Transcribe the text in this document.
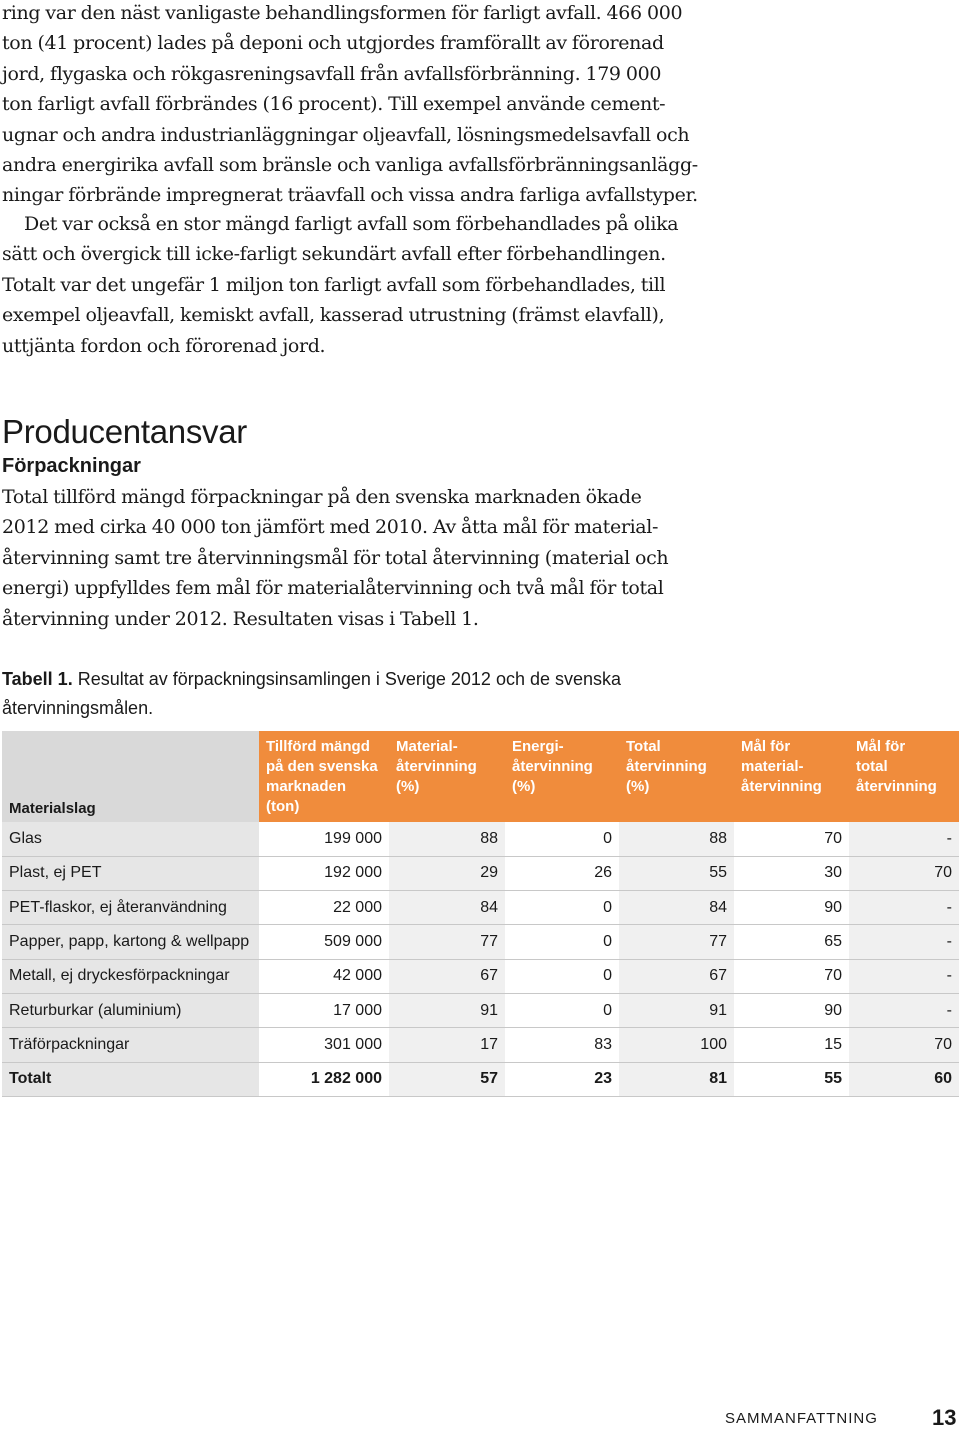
ring var den näst vanligaste behandlingsformen för farligt avfall. 466 000
ton (41 procent) lades på deponi och utgjordes framförallt av förorenad
jord, flygaska och rökgasreningsavfall från avfallsförbränning. 179 000
ton farligt avfall förbrändes (16 procent). Till exempel använde cement-
ugnar och andra industrianläggningar oljeavfall, lösningsmedelsavfall och
andra energirika avfall som bränsle och vanliga avfallsförbränningsanlägg-
ningar förbrände impregnerat träavfall och vissa andra farliga avfallstyper.

Det var också en stor mängd farligt avfall som förbehandlades på olika
sätt och övergick till icke-farligt sekundärt avfall efter förbehandlingen.
Totalt var det ungefär 1 miljon ton farligt avfall som förbehandlades, till
exempel oljeavfall, kemiskt avfall, kasserad utrustning (främst elavfall),
uttjänta fordon och förorenad jord.

Producentansvar
Förpackningar

Total tillförd mängd förpackningar på den svenska marknaden ökade
2012 med cirka 40 000 ton jämfört med 2010. Av åtta mål för material-
återvinning samt tre återvinningsmål för total återvinning (material och
energi) uppfylldes fem mål för materialåtervinning och två mål för total
återvinning under 2012. Resultaten visas i Tabell 1.

Tabell 1. Resultat av förpackningsinsamlingen i Sverige 2012 och de svenska
återvinningsmålen.

Materialslag	Tillförd mängd
på den svenska
marknaden (ton)	Material-
återvinning
(%)	Energi-
återvinning
(%)	Total
återvinning
(%)	Mål för
material-
återvinning	Mål för
total
återvinning

Glas	199 000	88	0	88	70	-
Plast, ej PET	192 000	29	26	55	30	70
PET-flaskor, ej återanvändning	22 000	84	0	84	90	-
Papper, papp, kartong & wellpapp	509 000	77	0	77	65	-
Metall, ej dryckesförpackningar	42 000	67	0	67	70	-
Returburkar (aluminium)	17 000	91	0	91	90	-
Träförpackningar	301 000	17	83	100	15	70
Totalt	1 282 000	57	23	81	55	60
SAMMANFATTNING 13
